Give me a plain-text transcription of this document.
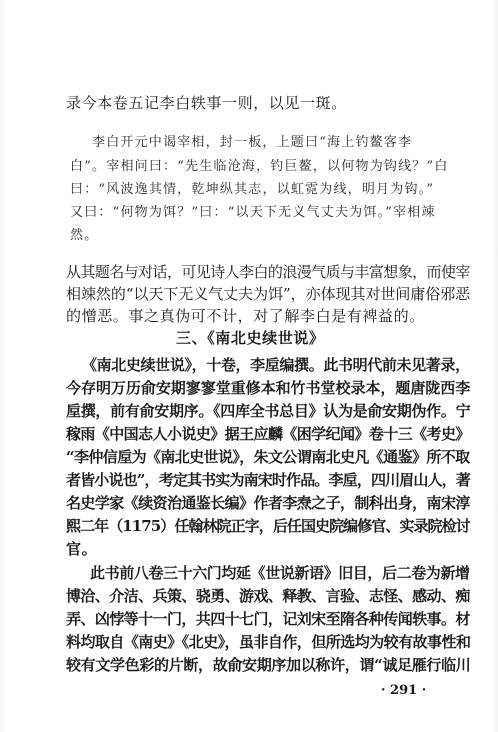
录今本卷五记李白轶事一则，以见一斑。
李白开元中谒宰相，封一板，上题曰“海上钓鳌客李
白”。宰相问曰：“先生临沧海，钓巨鳌，以何物为钩线？”白
曰：“风波逸其情，乾坤纵其志，以虹霓为线，明月为钩。”
又曰：“何物为饵？”曰：“以天下无义气丈夫为饵。”宰相竦
然。
从其题名与对话，可见诗人李白的浪漫气质与丰富想象，而使宰
相竦然的“以天下无义气丈夫为饵”，亦体现其对世间庸俗邪恶
的憎恶。事之真伪可不计，对了解李白是有裨益的。
三、《南北史续世说》
《南北史续世说》，十卷，李垕编撰。此书明代前未见著录，
今存明万历俞安期寥寥堂重修本和竹书堂校录本，题唐陇西李
垕撰，前有俞安期序。《四库全书总目》认为是俞安期伪作。宁
稼雨《中国志人小说史》据王应麟《困学纪闻》卷十三《考史》
“李仲信垕为《南北史世说》，朱文公谓南北史凡《通鉴》所不取
者皆小说也”，考定其书实为南宋时作品。李垕，四川眉山人，著
名史学家《续资治通鉴长编》作者李焘之子，制科出身，南宋淳
熙二年（1175）任翰林院正字，后任国史院编修官、实录院检讨
官。
此书前八卷三十六门均延《世说新语》旧目，后二卷为新增
博洽、介洁、兵策、骁勇、游戏、释教、言验、志怪、感动、痴
弄、凶悖等十一门，共四十七门，记刘宋至隋各种传闻轶事。材
料均取自《南史》《北史》，虽非自作，但所选均为较有故事性和
较有文学色彩的片断，故俞安期序加以称许，谓“诚足雁行临川
· 291 ·
